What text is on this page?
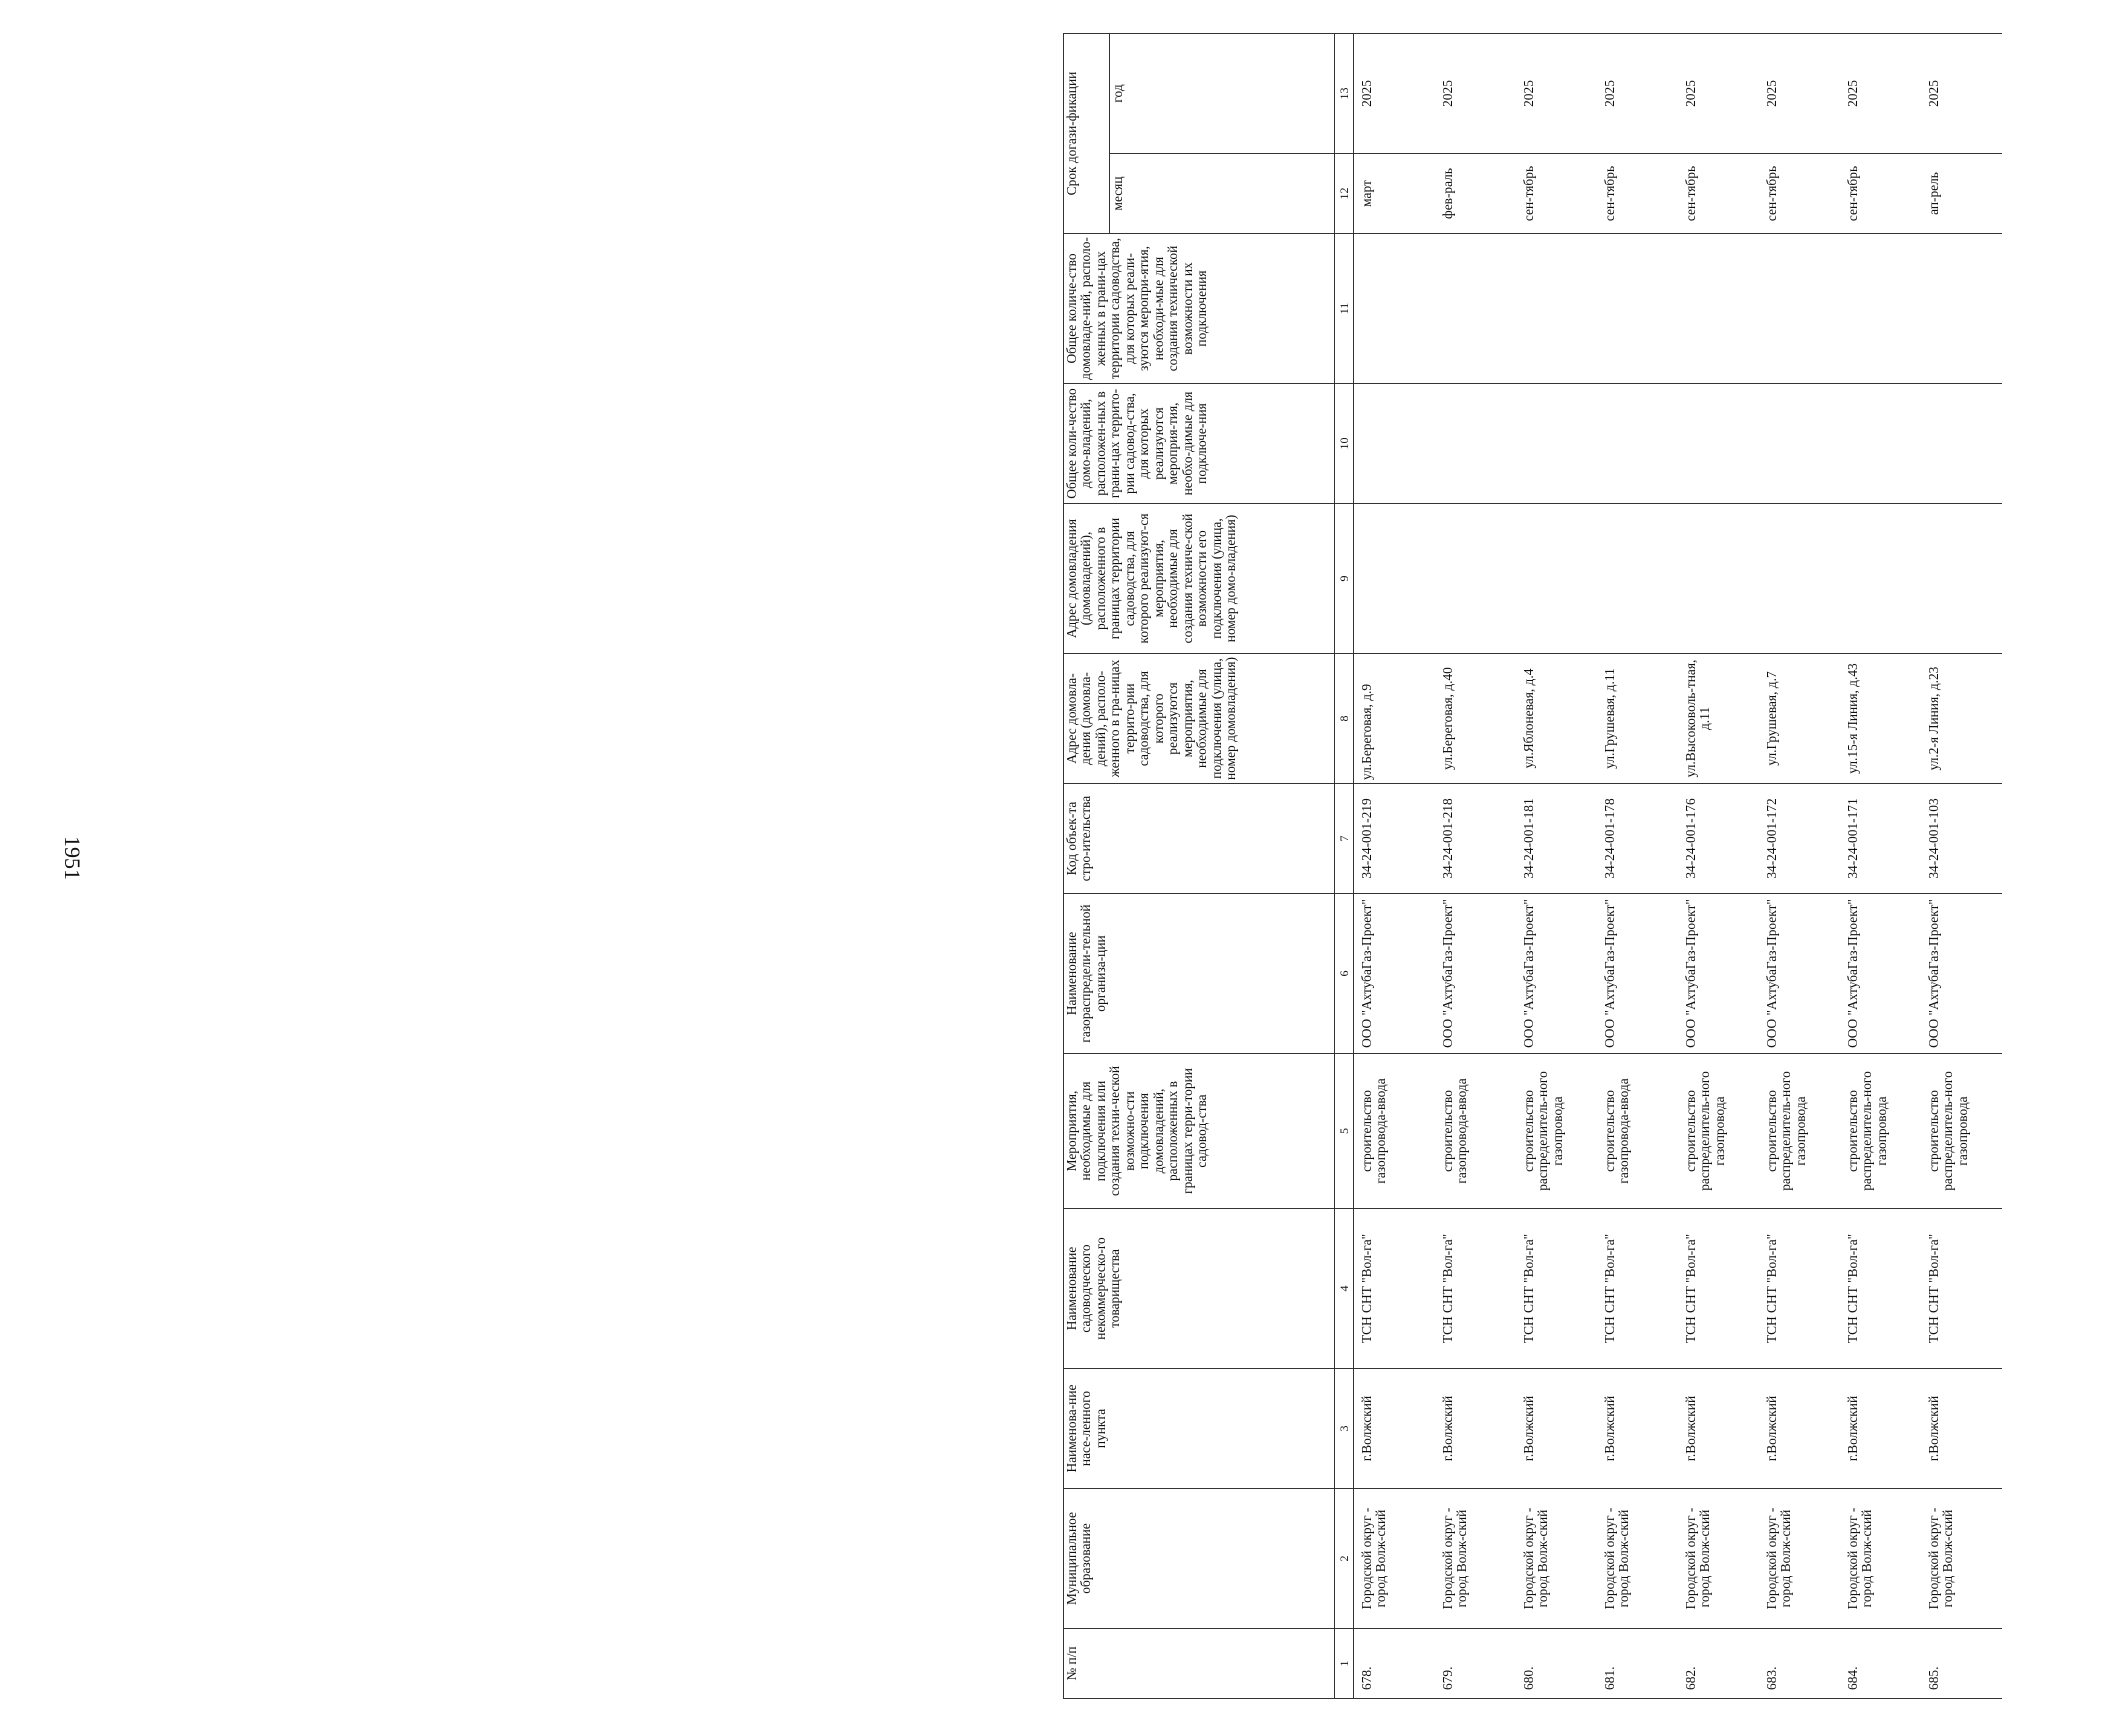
1951
№ п/п	Муниципальное образование	Наименова-ние насе-ленного пункта	Наименование садоводческого некоммерческо-го товарищества	Мероприятия, необходимые для подключения или создания техни-ческой возможно-сти подключения домовладений, расположенных в границах терри-тории садовод-ства	Наименование газораспредели-тельной организа-ции	Код объек-та стро-ительства	Адрес домовла-дения (домовла-дений), располо-женного в гра-ницах террито-рии садоводства, для которого реализуются мероприятия, необходимые для подключения (улица, номер домовладения)	Адрес домовладения (домовладений), расположенного в границах территории садоводства, для которого реализуют-ся мероприятия, необходимые для создания техниче-ской возможности его подключения (улица, номер домо-владения)	Общее коли-чество домо-владений, расположен-ных в грани-цах террито-рии садовод-ства, для которых реализуются мероприя-тия, необхо-димые для подключе-ния	Общее количе-ство домовладе-ний, располо-женных в грани-цах территории садоводства, для которых реали-зуются меропри-ятия, необходи-мые для создания технической возможности их подключения	Срок догази-фикации	
											месяц	год
1	2	3	4	5	6	7	8	9	10	11	12	13
678.	Городской округ - город Волж-ский	г.Волжский	ТСН СНТ "Вол-га"	строительство газопровода-ввода	ООО "АхтубаГаз-Проект"	34-24-001-219	ул.Береговая, д.9				март	2025
679.	Городской округ - город Волж-ский	г.Волжский	ТСН СНТ "Вол-га"	строительство газопровода-ввода	ООО "АхтубаГаз-Проект"	34-24-001-218	ул.Береговая, д.40				фев-раль	2025
680.	Городской округ - город Волж-ский	г.Волжский	ТСН СНТ "Вол-га"	строительство распределитель-ного газопровода	ООО "АхтубаГаз-Проект"	34-24-001-181	ул.Яблоневая, д.4				сен-тябрь	2025
681.	Городской округ - город Волж-ский	г.Волжский	ТСН СНТ "Вол-га"	строительство газопровода-ввода	ООО "АхтубаГаз-Проект"	34-24-001-178	ул.Грушевая, д.11				сен-тябрь	2025
682.	Городской округ - город Волж-ский	г.Волжский	ТСН СНТ "Вол-га"	строительство распределитель-ного газопровода	ООО "АхтубаГаз-Проект"	34-24-001-176	ул.Высоковоль-тная, д.11				сен-тябрь	2025
683.	Городской округ - город Волж-ский	г.Волжский	ТСН СНТ "Вол-га"	строительство распределитель-ного газопровода	ООО "АхтубаГаз-Проект"	34-24-001-172	ул.Грушевая, д.7				сен-тябрь	2025
684.	Городской округ - город Волж-ский	г.Волжский	ТСН СНТ "Вол-га"	строительство распределитель-ного газопровода	ООО "АхтубаГаз-Проект"	34-24-001-171	ул.15-я Линия, д.43				сен-тябрь	2025
685.	Городской округ - город Волж-ский	г.Волжский	ТСН СНТ "Вол-га"	строительство распределитель-ного газопровода	ООО "АхтубаГаз-Проект"	34-24-001-103	ул.2-я Линия, д.23				ап-рель	2025
